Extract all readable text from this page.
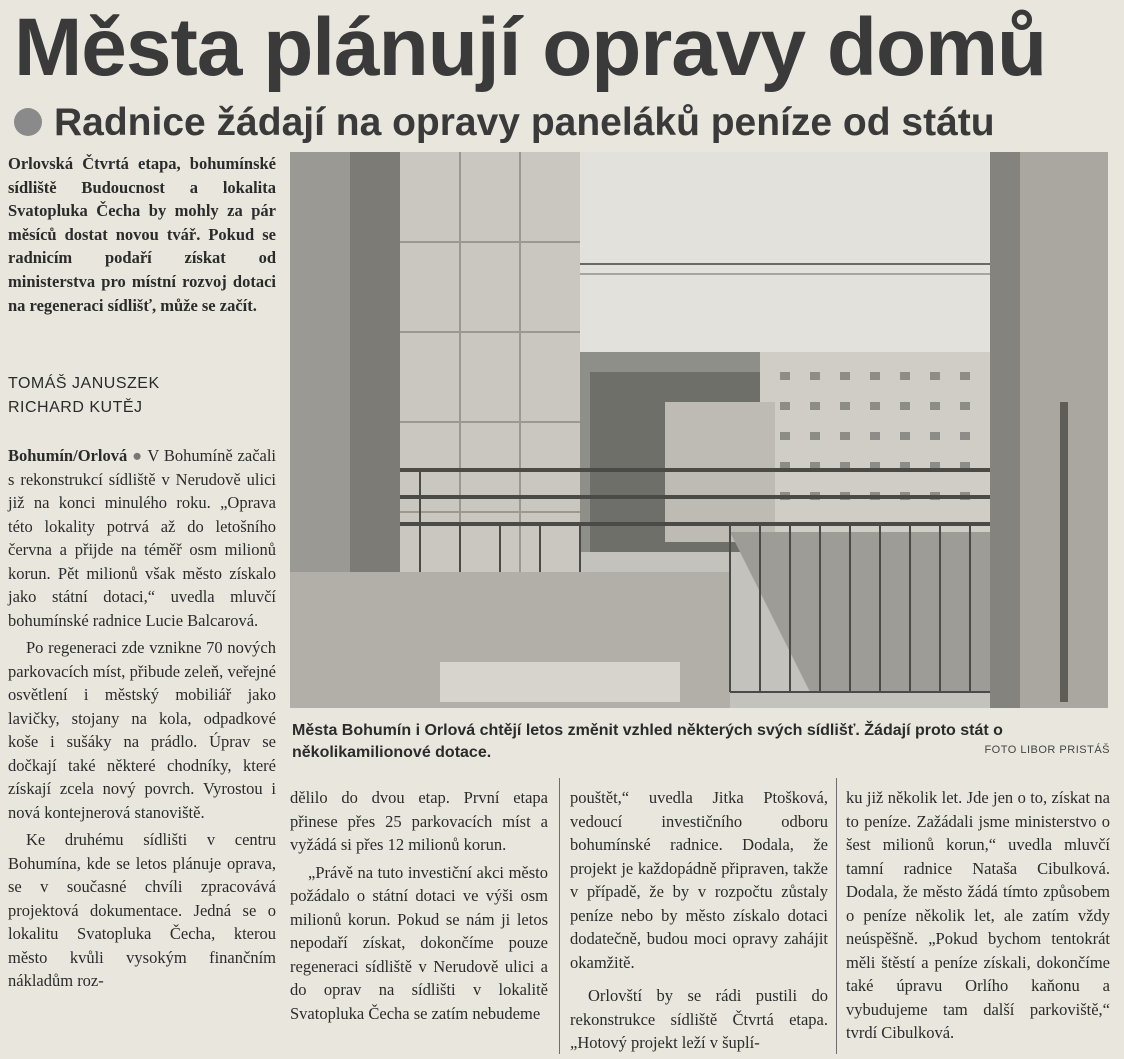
Města plánují opravy domů
Radnice žádají na opravy paneláků peníze od státu
Orlovská Čtvrtá etapa, bohumínské sídliště Budoucnost a lokalita Svatopluka Čecha by mohly za pár měsíců dostat novou tvář. Pokud se radnicím podaří získat od ministerstva pro místní rozvoj dotaci na regeneraci sídlišť, může se začít.
TOMÁŠ JANUSZEK
RICHARD KUTĚJ

Bohumín/Orlová ● V Bohumíně začali s rekonstrukcí sídliště v Nerudově ulici již na konci minulého roku. „Oprava této lokality potrvá až do letošního června a přijde na téměř osm milionů korun. Pět milionů však město získalo jako státní dotaci,“ uvedla mluvčí bohumínské radnice Lucie Balcarová.

Po regeneraci zde vznikne 70 nových parkovacích míst, přibude zeleň, veřejné osvětlení i městský mobiliář jako lavičky, stojany na kola, odpadkové koše i sušáky na prádlo. Úprav se dočkají také některé chodníky, které získají zcela nový povrch. Vyrostou i nová kontejnerová stanoviště.

Ke druhému sídlišti v centru Bohumína, kde se letos plánuje oprava, se v současné chvíli zpracovává projektová dokumentace. Jedná se o lokalitu Svatopluka Čecha, kterou město kvůli vysokým finančním nákladům roz-

Města Bohumín i Orlová chtějí letos změnit vzhled některých svých sídlišť. Žádají proto stát o několikamilionové dotace.	FOTO LIBOR PRISTÁŠ

dělilo do dvou etap. První etapa přinese přes 25 parkovacích míst a vyžádá si přes 12 milionů korun.

„Právě na tuto investiční akci město požádalo o státní dotaci ve výši osm milionů korun. Pokud se nám ji letos nepodaří získat, dokončíme pouze regeneraci sídliště v Nerudově ulici a do oprav na sídlišti v lokalitě Svatopluka Čecha se zatím nebudeme

pouštět,“ uvedla Jitka Ptošková, vedoucí investičního odboru bohumínské radnice. Dodala, že projekt je každopádně připraven, takže v případě, že by v rozpočtu zůstaly peníze nebo by město získalo dotaci dodatečně, budou moci opravy zahájit okamžitě.

Orlovští by se rádi pustili do rekonstrukce sídliště Čtvrtá etapa. „Hotový projekt leží v šuplí-

ku již několik let. Jde jen o to, získat na to peníze. Zažádali jsme ministerstvo o šest milionů korun,“ uvedla mluvčí tamní radnice Nataša Cibulková. Dodala, že město žádá tímto způsobem o peníze několik let, ale zatím vždy neúspěšně. „Pokud bychom tentokrát měli štěstí a peníze získali, dokončíme také úpravu Orlího kaňonu a vybudujeme tam další parkoviště,“ tvrdí Cibulková.
